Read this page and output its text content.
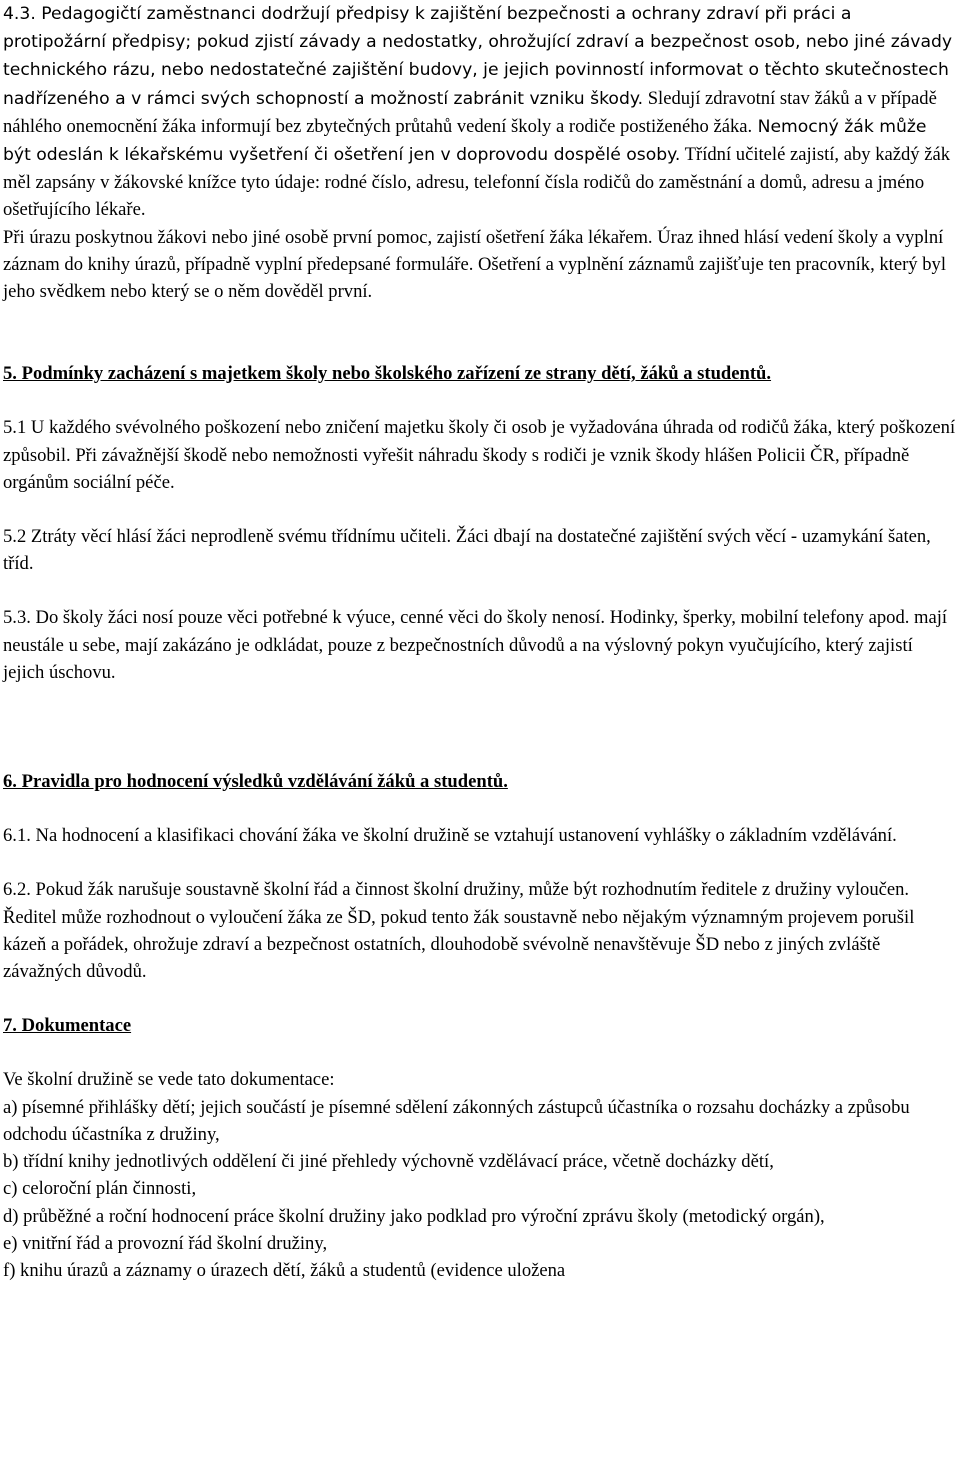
4.3. Pedagogičtí zaměstnanci dodržují předpisy k zajištění bezpečnosti a ochrany zdraví při práci a protipožární předpisy; pokud zjistí závady a nedostatky, ohrožující zdraví a bezpečnost osob, nebo jiné závady technického rázu, nebo nedostatečné zajištění budovy, je jejich povinností informovat o těchto skutečnostech nadřízeného a v rámci svých schopností a možností zabránit vzniku škody. Sledují zdravotní stav žáků a v případě náhlého onemocnění žáka informují bez zbytečných průtahů vedení školy a rodiče postiženého žáka. Nemocný žák může být odeslán k lékařskému vyšetření či ošetření jen v doprovodu dospělé osoby. Třídní učitelé zajistí, aby každý žák měl zapsány v žákovské knížce tyto údaje: rodné číslo, adresu, telefonní čísla rodičů do zaměstnání a domů, adresu a jméno ošetřujícího lékaře.

Při úrazu poskytnou žákovi nebo jiné osobě první pomoc, zajistí ošetření žáka lékařem. Úraz ihned hlásí vedení školy a vyplní záznam do knihy úrazů, případně vyplní předepsané formuláře. Ošetření a vyplnění záznamů zajišťuje ten pracovník, který byl jeho svědkem nebo který se o něm dověděl první.

5. Podmínky zacházení s majetkem školy nebo školského zařízení ze strany dětí, žáků a studentů.

5.1 U každého svévolného poškození nebo zničení majetku školy či osob je vyžadována úhrada od rodičů žáka, který poškození způsobil. Při závažnější škodě nebo nemožnosti vyřešit náhradu škody s rodiči je vznik škody hlášen Policii ČR, případně orgánům sociální péče.

5.2 Ztráty věcí hlásí žáci neprodleně svému třídnímu učiteli. Žáci dbají na dostatečné zajištění svých věcí - uzamykání šaten, tříd.

5.3. Do školy žáci nosí pouze věci potřebné k výuce, cenné věci do školy nenosí. Hodinky, šperky, mobilní telefony apod. mají neustále u sebe, mají zakázáno je odkládat, pouze z bezpečnostních důvodů a na výslovný pokyn vyučujícího, který zajistí jejich úschovu.

6. Pravidla pro hodnocení výsledků vzdělávání žáků a studentů.

6.1. Na hodnocení a klasifikaci chování žáka ve školní družině se vztahují ustanovení vyhlášky o základním vzdělávání.

6.2. Pokud žák narušuje soustavně školní řád a činnost školní družiny, může být rozhodnutím ředitele z družiny vyloučen. Ředitel může rozhodnout o vyloučení žáka ze ŠD, pokud tento žák soustavně nebo nějakým významným projevem porušil kázeň a pořádek, ohrožuje zdraví a bezpečnost ostatních, dlouhodobě svévolně nenavštěvuje ŠD nebo z jiných zvláště závažných důvodů.

7. Dokumentace

Ve školní družině se vede tato dokumentace:

a) písemné přihlášky dětí; jejich součástí je písemné sdělení zákonných zástupců účastníka o rozsahu docházky a způsobu odchodu účastníka z družiny,

b) třídní knihy jednotlivých oddělení či jiné přehledy výchovně vzdělávací práce, včetně docházky dětí,

c) celoroční plán činnosti,

d) průběžné a roční hodnocení práce školní družiny jako podklad pro výroční zprávu školy (metodický orgán),

e) vnitřní řád a provozní řád školní družiny,

f) knihu úrazů a záznamy o úrazech dětí, žáků a studentů (evidence uložena
